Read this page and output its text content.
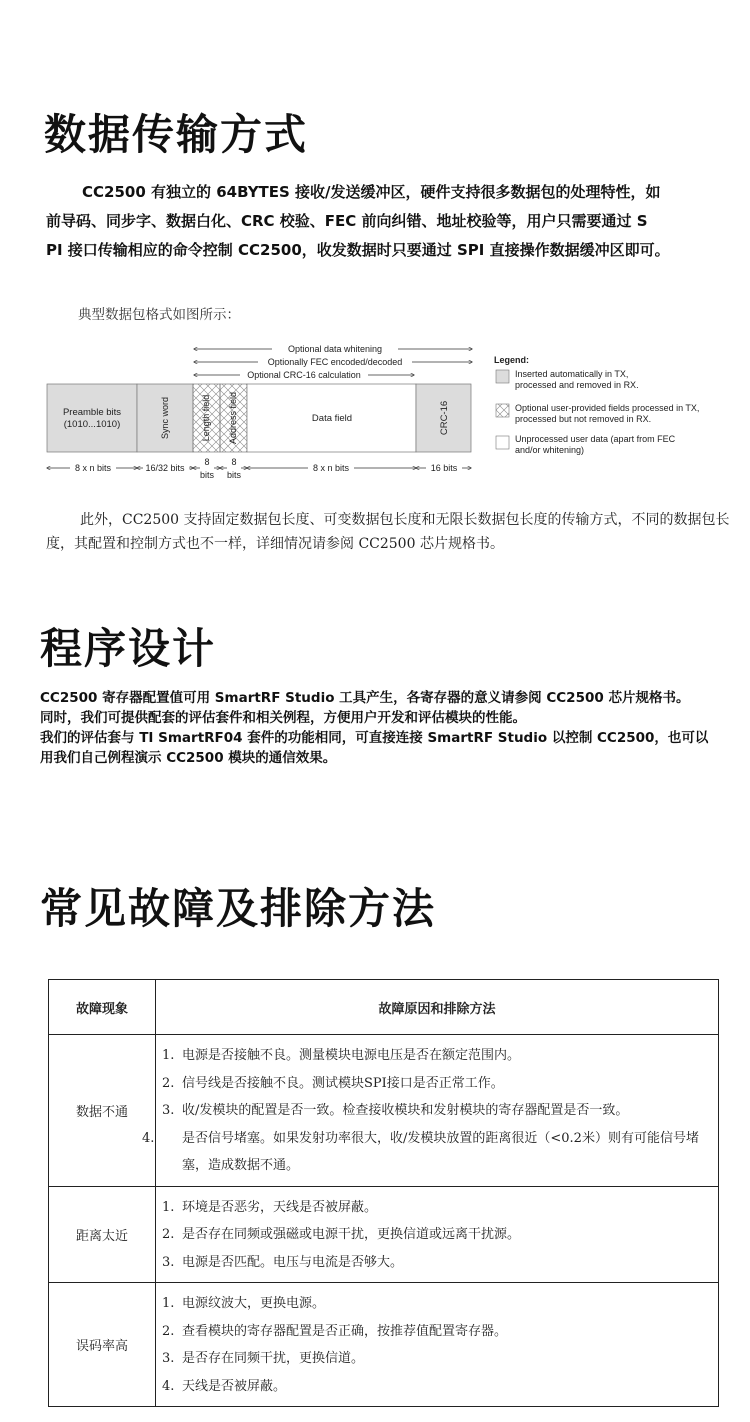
数据传输方式

CC2500 有独立的 64BYTES 接收/发送缓冲区，硬件支持很多数据包的处理特性，如

前导码、同步字、数据白化、CRC 校验、FEC 前向纠错、地址校验等，用户只需要通过 S
PI 接口传输相应的命令控制 CC2500，收发数据时只要通过 SPI 直接操作数据缓冲区即可。
典型数据包格式如图所示：
Optional data whitening
Optionally FEC encoded/decoded
Optional CRC-16 calculation
Preamble bits
(1010...1010)	Sync word	Length field Address field	Data field	CRC-16
8 x n bits	16/32 bits
8
bits
8
bits
8 x n bits	16 bits
Legend:
Inserted automatically in TX,
processed and removed in RX.
Optional user-provided fields processed in TX,
processed but not removed in RX.
Unprocessed user data (apart from FEC
and/or whitening)
此外，CC2500 支持固定数据包长度、可变数据包长度和无限长数据包长度的传输方式，不同的数据包长度，其配置和控制方式也不一样，详细情况请参阅 CC2500 芯片规格书。
程序设计
CC2500 寄存器配置值可用 SmartRF Studio 工具产生，各寄存器的意义请参阅 CC2500 芯片规格书。
同时，我们可提供配套的评估套件和相关例程，方便用户开发和评估模块的性能。
我们的评估套与 TI SmartRF04 套件的功能相同，可直接连接 SmartRF Studio 以控制 CC2500，也可以
用我们自己例程演示 CC2500 模块的通信效果。
常见故障及排除方法
故障现象	故障原因和排除方法
数据不通	1. 电源是否接触不良。测量模块电源电压是否在额定范围内。
2. 信号线是否接触不良。测试模块SPI接口是否正常工作。
3. 收/发模块的配置是否一致。检查接收模块和发射模块的寄存器配置是否一致。
4. 是否信号堵塞。如果发射功率很大，收/发模块放置的距离很近（<0.2米）则有可能信号堵塞，造成数据不通。

距离太近	1. 环境是否恶劣，天线是否被屏蔽。
2. 是否存在同频或强磁或电源干扰，更换信道或远离干扰源。
3. 电源是否匹配。电压与电流是否够大。

误码率高	1. 电源纹波大，更换电源。
2. 查看模块的寄存器配置是否正确，按推荐值配置寄存器。
3. 是否存在同频干扰，更换信道。
4. 天线是否被屏蔽。
